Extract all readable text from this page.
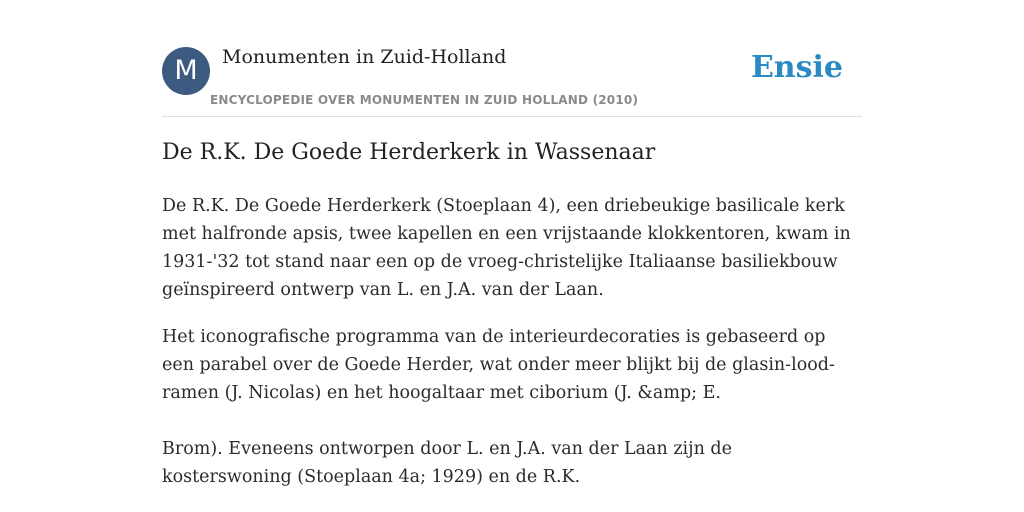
M	Monumenten in Zuid-Holland
ENCYCLOPEDIE OVER MONUMENTEN IN ZUID HOLLAND (2010)
Ensie
De R.K. De Goede Herderkerk in Wassenaar

De R.K. De Goede Herderkerk (Stoeplaan 4), een driebeukige basilicale kerk met halfronde apsis, twee kapellen en een vrijstaande klokkentoren, kwam in 1931-'32 tot stand naar een op de vroeg-christelijke Italiaanse basiliekbouw geïnspireerd ontwerp van L. en J.A. van der Laan.

Het iconografische programma van de interieurdecoraties is gebaseerd op een parabel over de Goede Herder, wat onder meer blijkt bij de glasin-lood-ramen (J. Nicolas) en het hoogaltaar met ciborium (J. &amp; E.

Brom). Eveneens ontworpen door L. en J.A. van der Laan zijn de kosterswoning (Stoeplaan 4a; 1929) en de R.K.
